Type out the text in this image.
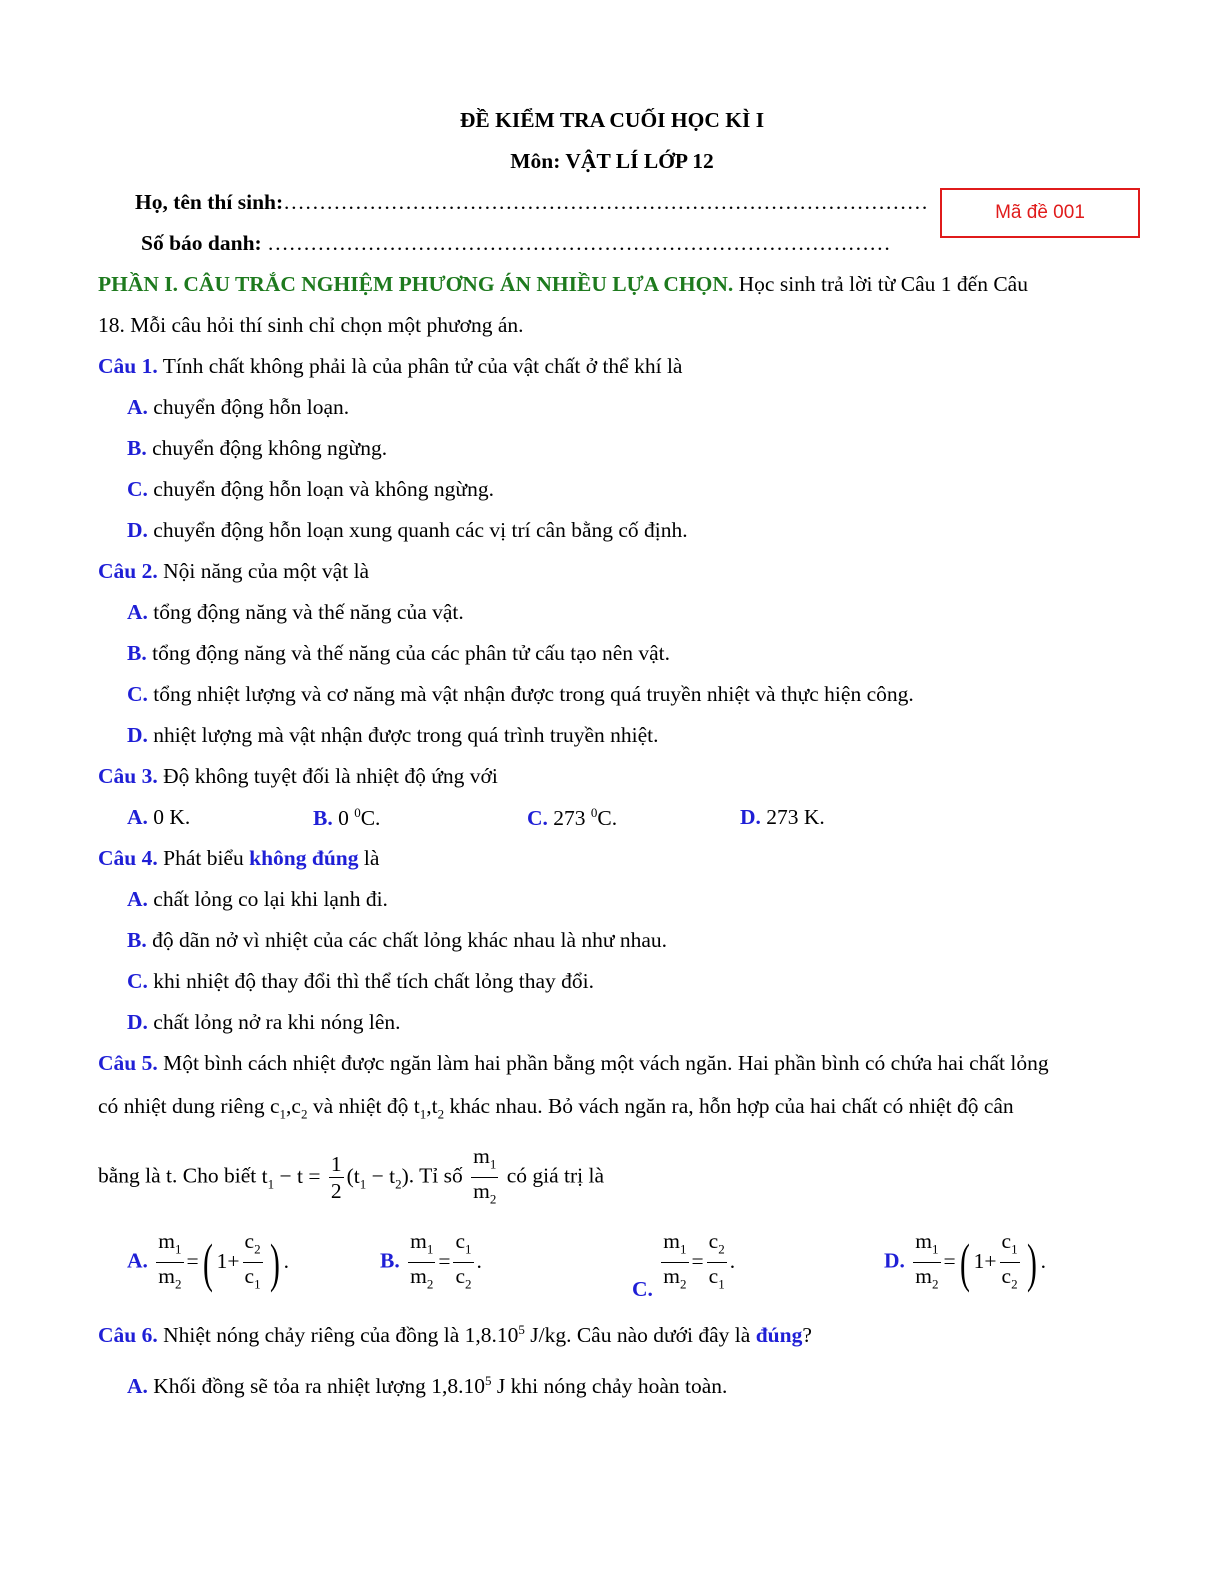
ĐỀ KIỂM TRA CUỐI HỌC KÌ I
Môn: VẬT LÍ LỚP 12
Họ, tên thí sinh:………………………………………………………………………………
Số báo danh: ……………………………………………………………………………
Mã đề 001
PHẦN I. CÂU TRẮC NGHIỆM PHƯƠNG ÁN NHIỀU LỰA CHỌN. Học sinh trả lời từ Câu 1 đến Câu
18. Mỗi câu hỏi thí sinh chỉ chọn một phương án.
Câu 1. Tính chất không phải là của phân tử của vật chất ở thể khí là
A. chuyển động hỗn loạn.
B. chuyển động không ngừng.
C. chuyển động hỗn loạn và không ngừng.
D. chuyển động hỗn loạn xung quanh các vị trí cân bằng cố định.
Câu 2. Nội năng của một vật là
A. tổng động năng và thế năng của vật.
B. tổng động năng và thế năng của các phân tử cấu tạo nên vật.
C. tổng nhiệt lượng và cơ năng mà vật nhận được trong quá truyền nhiệt và thực hiện công.
D. nhiệt lượng mà vật nhận được trong quá trình truyền nhiệt.
Câu 3. Độ không tuyệt đối là nhiệt độ ứng với
A. 0 K.	B. 0 $^0$C.	C. 273 $^0$C.	D. 273 K.
Câu 4. Phát biểu không đúng là
A. chất lỏng co lại khi lạnh đi.
B. độ dãn nở vì nhiệt của các chất lỏng khác nhau là như nhau.
C. khi nhiệt độ thay đổi thì thể tích chất lỏng thay đổi.
D. chất lỏng nở ra khi nóng lên.
Câu 5. Một bình cách nhiệt được ngăn làm hai phần bằng một vách ngăn. Hai phần bình có chứa hai chất lỏng
có nhiệt dung riêng $c_1,c_2$ và nhiệt độ $t_1,t_2$ khác nhau. Bỏ vách ngăn ra, hỗn hợp của hai chất có nhiệt độ cân
bằng là t. Cho biết $t_1 - t = \frac{1}{2} (t_1 - t_2)$. Tỉ số $\frac{m_1}{m_2}$ có giá trị là
A. $\frac{m_1}{m_2}$ =( $1+ \frac{c_2}{c_1}$ ) .	B. $\frac{m_1}{m_2} = \frac{c_1}{c_2}$ .
C. $\frac{m_1}{m_2} = \frac{c_2}{c_1}$ .	D. $\frac{m_1}{m_2}$ =( $1+ \frac{c_1}{c_2}$ ) .
Câu 6. Nhiệt nóng chảy riêng của đồng là 1,8.10$^5$ J/kg. Câu nào dưới đây là đúng?
A. Khối đồng sẽ tỏa ra nhiệt lượng 1,8.10$^5$ J khi nóng chảy hoàn toàn.
